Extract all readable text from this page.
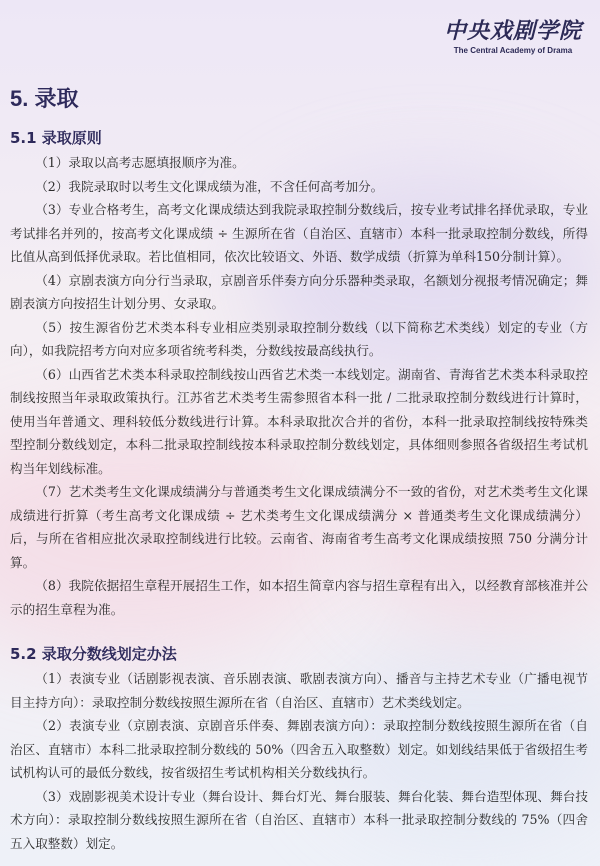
中央戏剧学院
The Central Academy of Drama
5. 录取
5.1 录取原则

（1）录取以高考志愿填报顺序为准。

（2）我院录取时以考生文化课成绩为准，不含任何高考加分。

（3）专业合格考生，高考文化课成绩达到我院录取控制分数线后，按专业考试排名择优录取，专业考试排名并列的，按高考文化课成绩 ÷ 生源所在省（自治区、直辖市）本科一批录取控制分数线，所得比值从高到低择优录取。若比值相同，依次比较语文、外语、数学成绩（折算为单科150分制计算）。

（4）京剧表演方向分行当录取，京剧音乐伴奏方向分乐器种类录取，名额划分视报考情况确定；舞剧表演方向按招生计划分男、女录取。

（5）按生源省份艺术类本科专业相应类别录取控制分数线（以下简称艺术类线）划定的专业（方向），如我院招考方向对应多项省统考科类，分数线按最高线执行。

（6）山西省艺术类本科录取控制线按山西省艺术类一本线划定。湖南省、青海省艺术类本科录取控制线按照当年录取政策执行。江苏省艺术类考生需参照省本科一批 / 二批录取控制分数线进行计算时，使用当年普通文、理科较低分数线进行计算。本科录取批次合并的省份，本科一批录取控制线按特殊类型控制分数线划定，本科二批录取控制线按本科录取控制分数线划定，具体细则参照各省级招生考试机构当年划线标准。

（7）艺术类考生文化课成绩满分与普通类考生文化课成绩满分不一致的省份，对艺术类考生文化课成绩进行折算（考生高考文化课成绩 ÷ 艺术类考生文化课成绩满分 × 普通类考生文化课成绩满分）后，与所在省相应批次录取控制线进行比较。云南省、海南省考生高考文化课成绩按照 750 分满分计算。

（8）我院依据招生章程开展招生工作，如本招生简章内容与招生章程有出入，以经教育部核准并公示的招生章程为准。

5.2 录取分数线划定办法

（1）表演专业（话剧影视表演、音乐剧表演、歌剧表演方向）、播音与主持艺术专业（广播电视节目主持方向）：录取控制分数线按照生源所在省（自治区、直辖市）艺术类线划定。

（2）表演专业（京剧表演、京剧音乐伴奏、舞剧表演方向）：录取控制分数线按照生源所在省（自治区、直辖市）本科二批录取控制分数线的 50%（四舍五入取整数）划定。如划线结果低于省级招生考试机构认可的最低分数线，按省级招生考试机构相关分数线执行。

（3）戏剧影视美术设计专业（舞台设计、舞台灯光、舞台服装、舞台化装、舞台造型体现、舞台技术方向）：录取控制分数线按照生源所在省（自治区、直辖市）本科一批录取控制分数线的 75%（四舍五入取整数）划定。
